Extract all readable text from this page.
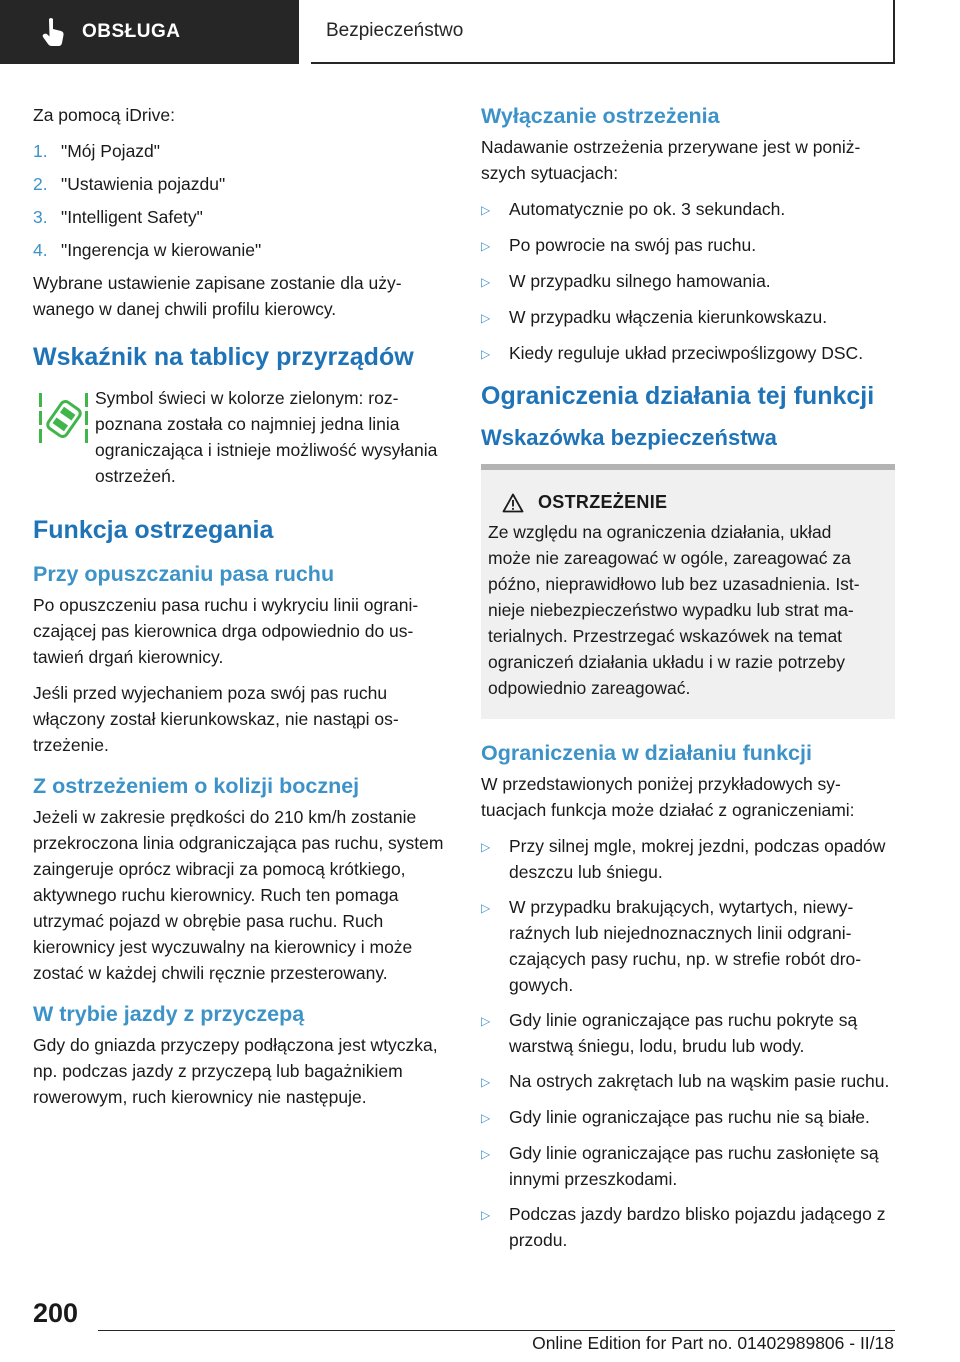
OBSŁUGA	Bezpieczeństwo

Za pomocą iDrive:

1. "Mój Pojazd"
2. "Ustawienia pojazdu"
3. "Intelligent Safety"
4. "Ingerencja w kierowanie"

Wybrane ustawienie zapisane zostanie dla używanego w danej chwili profilu kierowcy.

Wskaźnik na tablicy przyrządów

Symbol świeci w kolorze zielonym: rozpoznana została co najmniej jedna linia ograniczająca i istnieje możliwość wysyłania ostrzeżeń.

Funkcja ostrzegania
Przy opuszczaniu pasa ruchu

Po opuszczeniu pasa ruchu i wykryciu linii ograniczającej pas kierownica drga odpowiednio do ustawień drgań kierownicy.

Jeśli przed wyjechaniem poza swój pas ruchu włączony został kierunkowskaz, nie nastąpi ostrzeżenie.

Z ostrzeżeniem o kolizji bocznej

Jeżeli w zakresie prędkości do 210 km/h zostanie przekroczona linia odgraniczająca pas ruchu, system zaingeruje oprócz wibracji za pomocą krótkiego, aktywnego ruchu kierownicy. Ruch ten pomaga utrzymać pojazd w obrębie pasa ruchu. Ruch kierownicy jest wyczuwalny na kierownicy i może zostać w każdej chwili ręcznie przesterowany.

W trybie jazdy z przyczepą

Gdy do gniazda przyczepy podłączona jest wtyczka, np. podczas jazdy z przyczepą lub bagażnikiem rowerowym, ruch kierownicy nie następuje.

Wyłączanie ostrzeżenia

Nadawanie ostrzeżenia przerywane jest w poniższych sytuacjach:

▷	Automatycznie po ok. 3 sekundach.
▷	Po powrocie na swój pas ruchu.
▷	W przypadku silnego hamowania.
▷	W przypadku włączenia kierunkowskazu.
▷	Kiedy reguluje układ przeciwpoślizgowy DSC.
Ograniczenia działania tej funkcji
Wskazówka bezpieczeństwa
OSTRZEŻENIE

Ze względu na ograniczenia działania, układ może nie zareagować w ogóle, zareagować za późno, nieprawidłowo lub bez uzasadnienia. Istnieje niebezpieczeństwo wypadku lub strat materialnych. Przestrzegać wskazówek na temat ograniczeń działania układu i w razie potrzeby odpowiednio zareagować.

Ograniczenia w działaniu funkcji

W przedstawionych poniżej przykładowych sytuacjach funkcja może działać z ograniczeniami:

▷	Przy silnej mgle, mokrej jezdni, podczas opadów deszczu lub śniegu.
▷	W przypadku brakujących, wytartych, niewyraźnych lub niejednoznacznych linii odgraniczających pasy ruchu, np. w strefie robót drogowych.
▷	Gdy linie ograniczające pas ruchu pokryte są warstwą śniegu, lodu, brudu lub wody.
▷	Na ostrych zakrętach lub na wąskim pasie ruchu.
▷	Gdy linie ograniczające pas ruchu nie są białe.
▷	Gdy linie ograniczające pas ruchu zasłonięte są innymi przeszkodami.
▷	Podczas jazdy bardzo blisko pojazdu jadącego z przodu.
200
Online Edition for Part no. 01402989806 - II/18
